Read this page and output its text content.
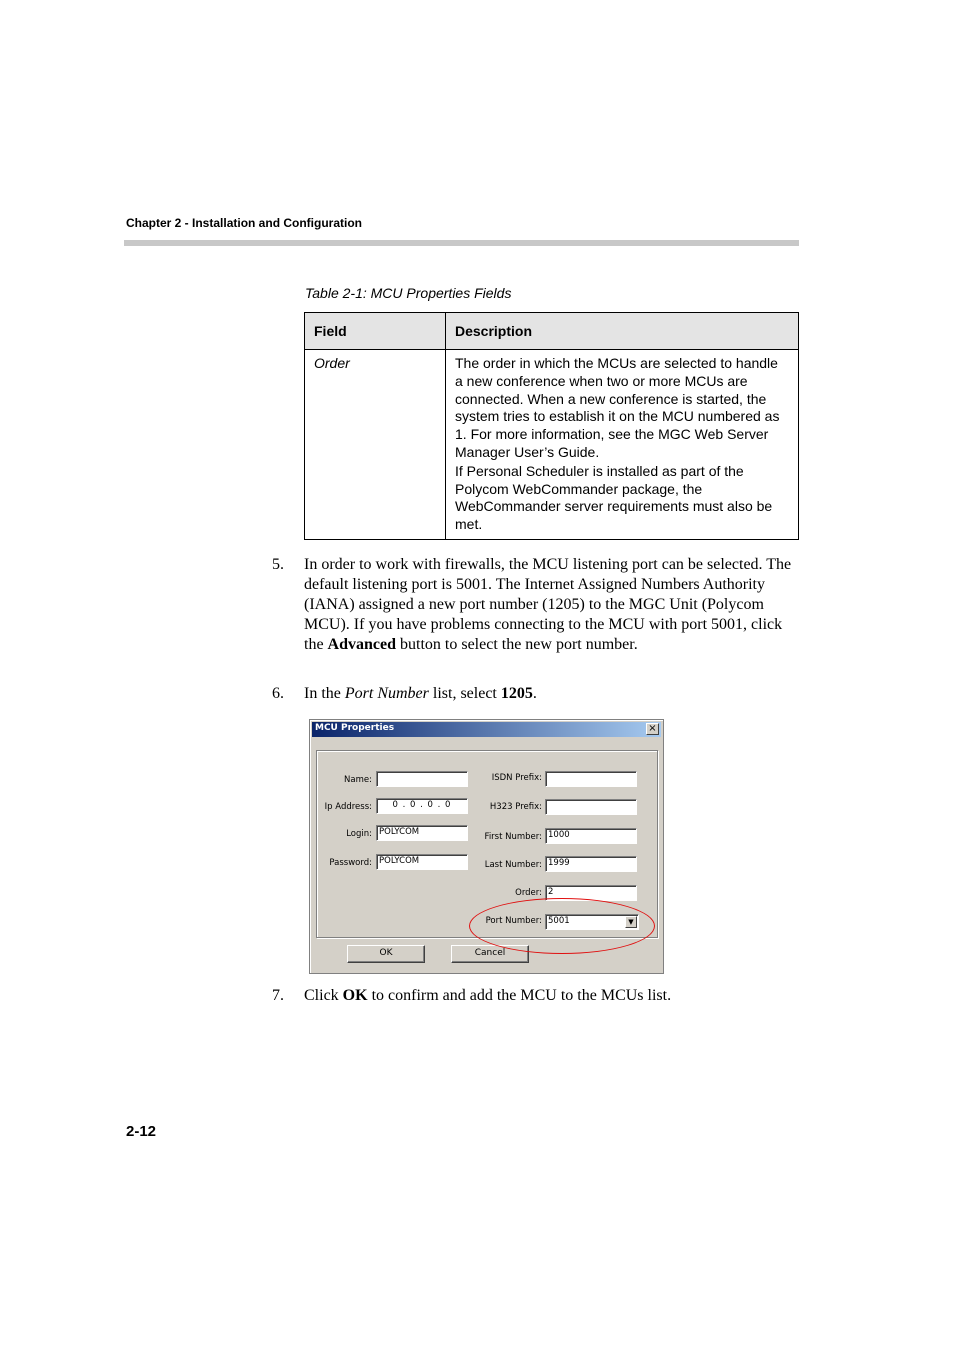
Chapter 2 - Installation and Configuration
Table 2-1: MCU Properties Fields
Field	Description
Order	The order in which the MCUs are selected to handle a new conference when two or more MCUs are connected. When a new conference is started, the system tries to establish it on the MCU numbered as 1. For more information, see the MGC Web Server Manager User’s Guide.
If Personal Scheduler is installed as part of the Polycom WebCommander package, the WebCommander server requirements must also be met.
5. In order to work with firewalls, the MCU listening port can be selected. The default listening port is 5001. The Internet Assigned Numbers Authority (IANA) assigned a new port number (1205) to the MGC Unit (Polycom MCU). If you have problems connecting to the MCU with port 5001, click the Advanced button to select the new port number.
6. In the Port Number list, select 1205.
MCU Properties	×
Name:
Ip Address:	0 . 0 . 0 . 0
Login: POLYCOM
Password: POLYCOM
ISDN Prefix:
H323 Prefix:
First Number: 1000
Last Number: 1999
Order: 2
Port Number: 5001	▼
OK	Cancel
7. Click OK to confirm and add the MCU to the MCUs list.
2-12
